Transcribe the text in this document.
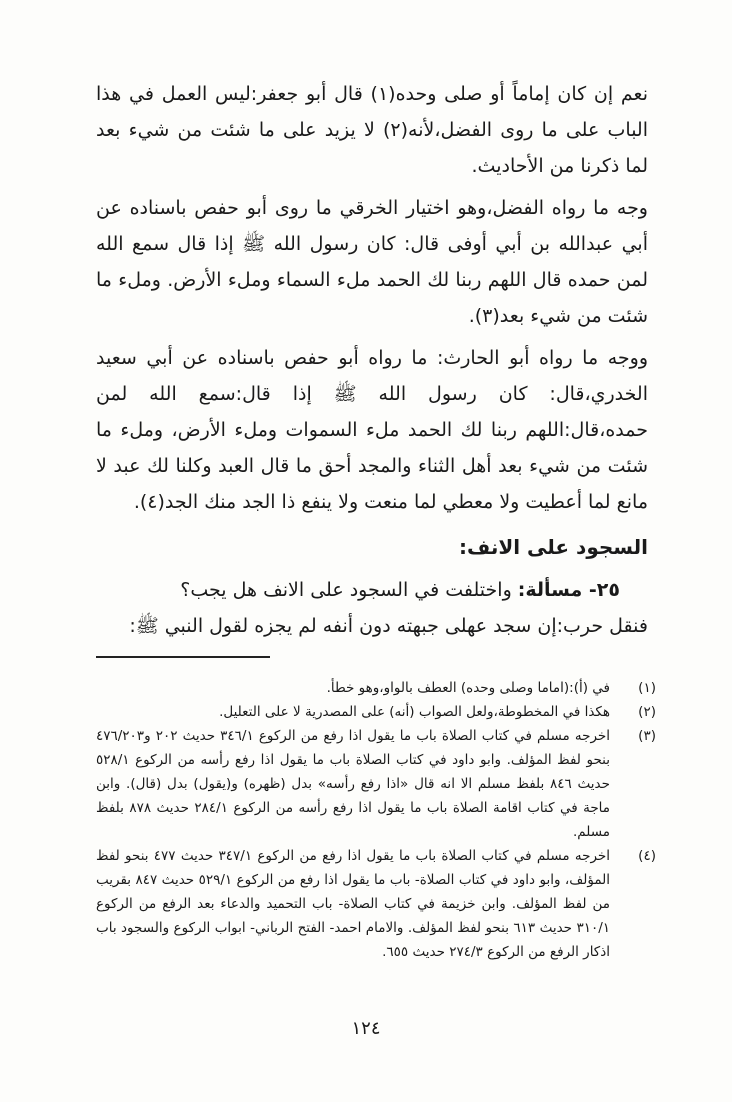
نعم إن كان إماماً أو صلى وحده(١) قال أبو جعفر:ليس العمل في هذا الباب على ما روى الفضل،لأنه(٢) لا يزيد على ما شئت من شيء بعد لما ذكرنا من الأحاديث.

وجه ما رواه الفضل،وهو اختيار الخرقي ما روى أبو حفص باسناده عن أبي عبدالله بن أبي أوفى قال: كان رسول الله ﷺ إذا قال سمع الله لمن حمده قال اللهم ربنا لك الحمد ملء السماء وملء الأرض. وملء ما شئت من شيء بعد(٣).

ووجه ما رواه أبو الحارث: ما رواه أبو حفص باسناده عن أبي سعيد الخدري،قال: كان رسول الله ﷺ إذا قال:سمع الله لمن حمده،قال:اللهم ربنا لك الحمد ملء السموات وملء الأرض، وملء ما شئت من شيء بعد أهل الثناء والمجد أحق ما قال العبد وكلنا لك عبد لا مانع لما أعطيت ولا معطي لما منعت ولا ينفع ذا الجد منك الجد(٤).

السجود على الانف:

٢٥- مسألة: واختلفت في السجود على الانف هل يجب؟

فنقل حرب:إن سجد عهلى جبهته دون أنفه لم يجزه لقول النبي ﷺ:

(١)
في (أ):(اماما وصلى وحده) العطف بالواو،وهو خطأ.
(٢)
هكذا في المخطوطة،ولعل الصواب (أنه) على المصدرية لا على التعليل.
(٣)
اخرجه مسلم في كتاب الصلاة باب ما يقول اذا رفع من الركوع ٣٤٦/١ حديث ٢٠٢ و٤٧٦/٢٠٣ بنحو لفظ المؤلف. وابو داود في كتاب الصلاة باب ما يقول اذا رفع رأسه من الركوع ٥٢٨/١ حديث ٨٤٦ بلفظ مسلم الا انه قال «اذا رفع رأسه» بدل (ظهره) و(يقول) بدل (قال). وابن ماجة في كتاب اقامة الصلاة باب ما يقول اذا رفع رأسه من الركوع ٢٨٤/١ حديث ٨٧٨ بلفظ مسلم.
(٤)
اخرجه مسلم في كتاب الصلاة باب ما يقول اذا رفع من الركوع ٣٤٧/١ حديث ٤٧٧ بنحو لفظ المؤلف، وابو داود في كتاب الصلاة- باب ما يقول اذا رفع من الركوع ٥٢٩/١ حديث ٨٤٧ بقريب من لفظ المؤلف. وابن خزيمة في كتاب الصلاة- باب التحميد والدعاء بعد الرفع من الركوع ٣١٠/١ حديث ٦١٣ بنحو لفظ المؤلف. والامام احمد- الفتح الرباني- ابواب الركوع والسجود باب اذكار الرفع من الركوع ٢٧٤/٣ حديث ٦٥٥.
١٢٤
